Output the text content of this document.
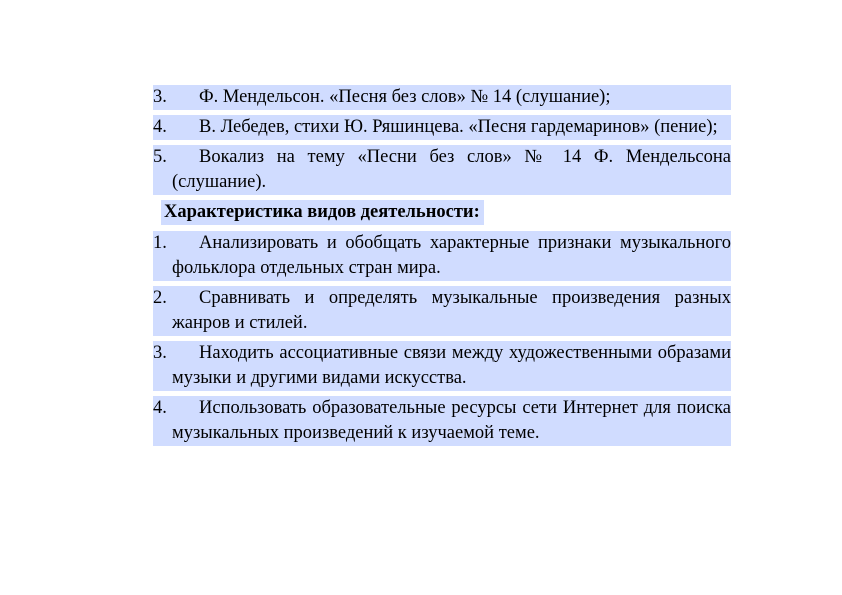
3.	Ф. Мендельсон. «Песня без слов» № 14 (слушание);
4.	В. Лебедев, стихи Ю. Ряшинцева. «Песня гардемаринов» (пение);
5.	Вокализ на тему «Песни без слов» № 14 Ф. Мендельсона (слушание).
Характеристика видов деятельности:
1.	Анализировать и обобщать характерные признаки музыкального фольклора отдельных стран мира.
2.	Сравнивать и определять музыкальные произведения разных жанров и стилей.
3.	Находить ассоциативные связи между художественными образами музыки и другими видами искусства.
4.	Использовать образовательные ресурсы сети Интернет для поиска музыкальных произведений к изучаемой теме.
